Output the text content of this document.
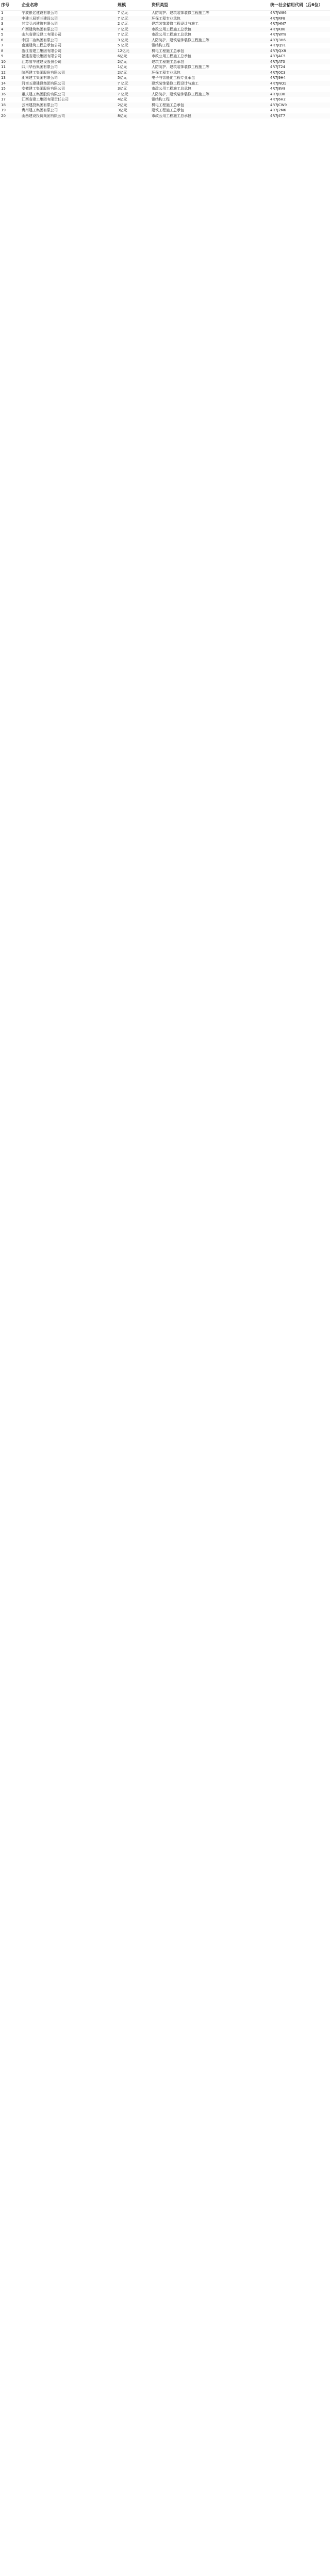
序号	企业名称	规模	资质类型	统一社会信用代码（后6位）
1	宁波银亿建设有限公司	7 亿元	人防防护、建筑装饰装修工程施工等	4R7JW86
2	中建三局第三建设公司	7 亿元	环保工程专业承包	4R7JRF8
3	甘肃弘兴建筑有限公司	2 亿元	建筑装饰装修工程设计与施工	4R7JHN7
4	广西建筑集团有限公司	7 亿元	市政公用工程施工总承包	4R7JK88
5	山东省建设建工有限公司	7 亿元	市政公用工程施工总承包	4R7JWT8
6	中国二冶集团有限公司	3 亿元	人防防护、建筑装饰装修工程施工等	4R7J3H6
7	南通建筑工程总承包公司	5 亿元	钢结构工程	4R7JQ91
8	浙江省建工集团有限公司	12亿元	机电工程施工总承包	4R7JQX8
9	福建省建设集团有限公司	6亿元	市政公用工程施工总承包	4R7JAC5
10	江苏省华建建设股份公司	2亿元	建筑工程施工总承包	4R7JAT0
11	四川华西集团有限公司	1亿元	人防防护、建筑装饰装修工程施工等	4R7JT24
12	陕西建工集团股份有限公司	2亿元	环保工程专业承包	4R7J0C3
13	湖南建工集团有限公司	5亿元	电子与智能化工程专业承包	4R7J9H4
14	河南五建建设集团有限公司	7 亿元	建筑装饰装修工程设计与施工	4R7JNQ1
15	安徽建工集团股份有限公司	3亿元	市政公用工程施工总承包	4R7J8V8
16	重庆建工集团股份有限公司	7 亿元	人防防护、建筑装饰装修工程施工等	4R7JLB0
17	江西省建工集团有限责任公司	4亿元	钢结构工程	4R7J6H2
18	云南建投集团有限公司	2亿元	机电工程施工总承包	4R7JCW9
19	贵州建工集团有限公司	3亿元	建筑工程施工总承包	4R7J2M6
20	山西建设投资集团有限公司	8亿元	市政公用工程施工总承包	4R7J4T7
